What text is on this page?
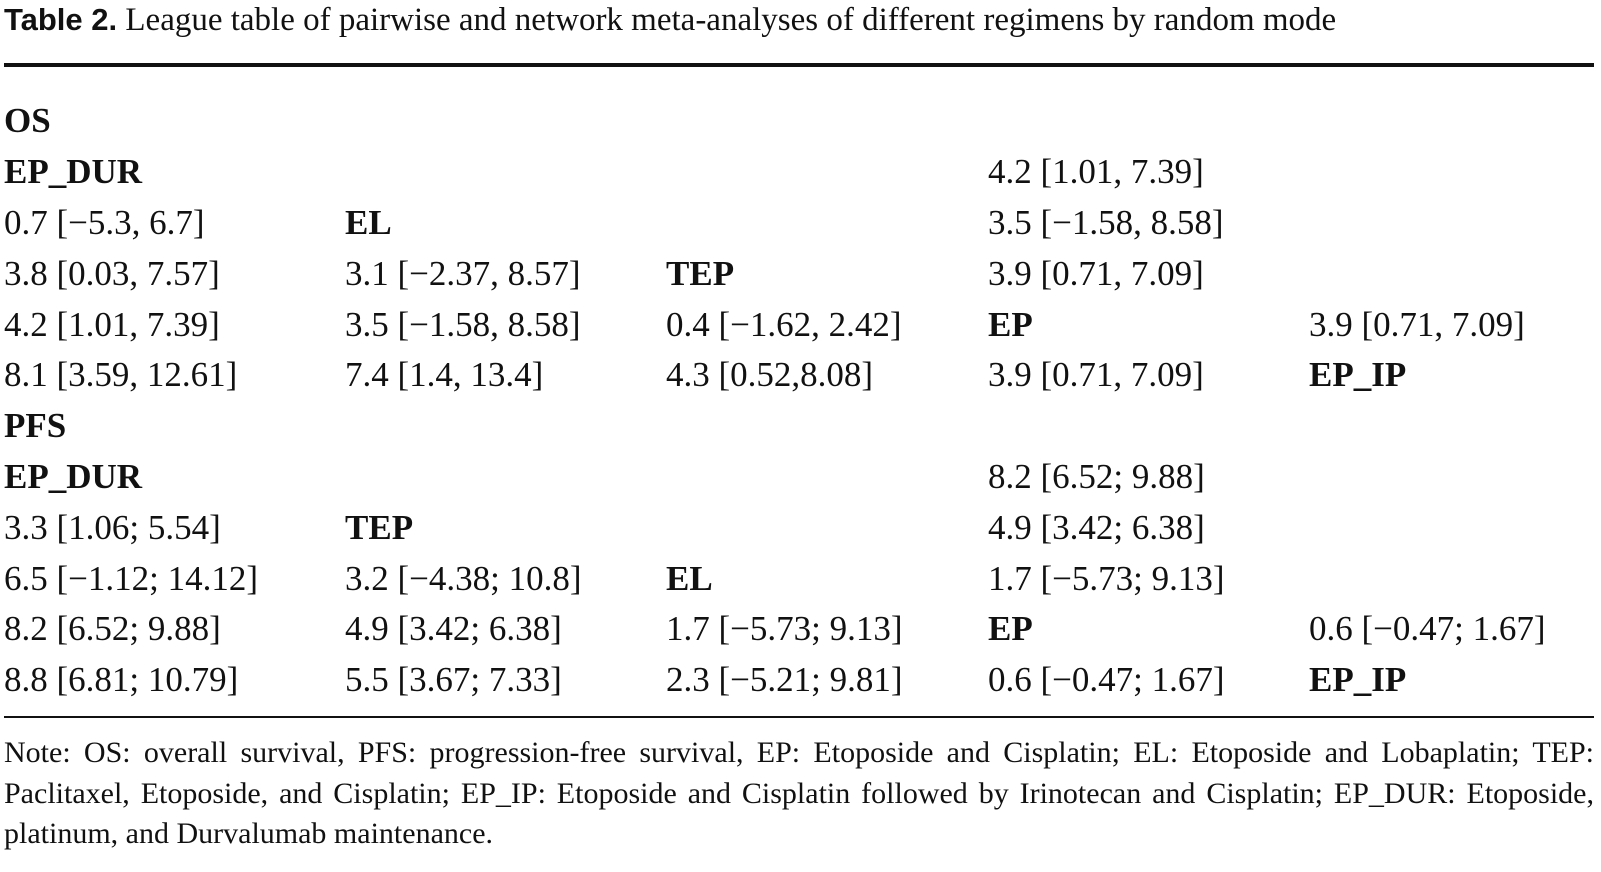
Table 2. League table of pairwise and network meta-analyses of different regimens by random mode
OS				
EP_DUR			4.2 [1.01, 7.39]	
0.7 [−5.3, 6.7]	EL		3.5 [−1.58, 8.58]	
3.8 [0.03, 7.57]	3.1 [−2.37, 8.57]	TEP	3.9 [0.71, 7.09]	
4.2 [1.01, 7.39]	3.5 [−1.58, 8.58]	0.4 [−1.62, 2.42]	EP	3.9 [0.71, 7.09]
8.1 [3.59, 12.61]	7.4 [1.4, 13.4]	4.3 [0.52,8.08]	3.9 [0.71, 7.09]	EP_IP
PFS				
EP_DUR			8.2 [6.52; 9.88]	
3.3 [1.06; 5.54]	TEP		4.9 [3.42; 6.38]	
6.5 [−1.12; 14.12]	3.2 [−4.38; 10.8]	EL	1.7 [−5.73; 9.13]	
8.2 [6.52; 9.88]	4.9 [3.42; 6.38]	1.7 [−5.73; 9.13]	EP	0.6 [−0.47; 1.67]
8.8 [6.81; 10.79]	5.5 [3.67; 7.33]	2.3 [−5.21; 9.81]	0.6 [−0.47; 1.67]	EP_IP
Note: OS: overall survival, PFS: progression-free survival, EP: Etoposide and Cisplatin; EL: Etoposide and Lobaplatin; TEP: Paclitaxel, Etoposide, and Cisplatin; EP_IP: Etoposide and Cisplatin followed by Irinotecan and Cisplatin; EP_DUR: Etoposide, platinum, and Durvalumab maintenance.
